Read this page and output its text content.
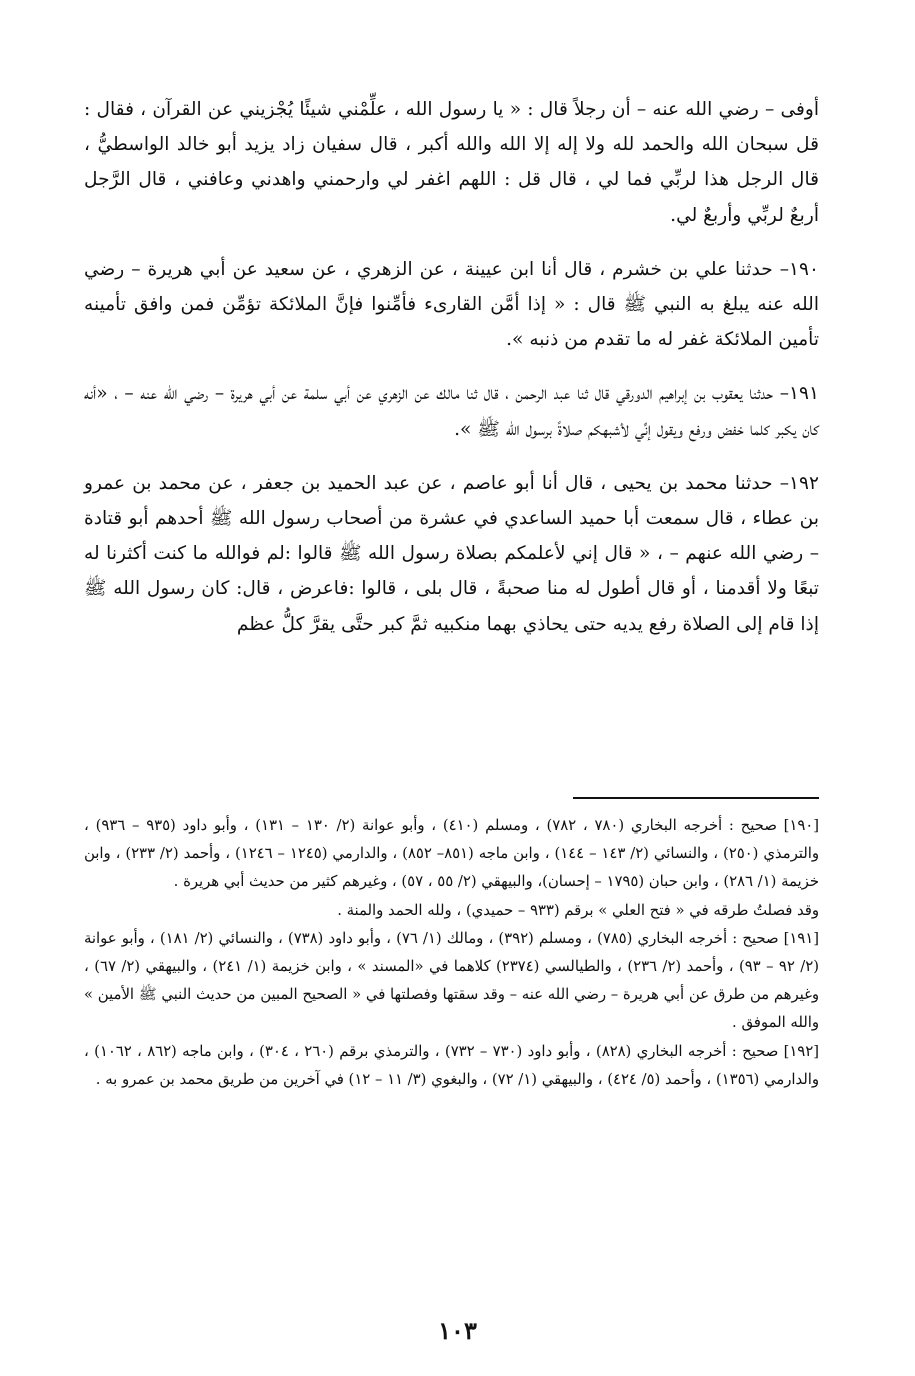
أوفى – رضي الله عنه – أن رجلاً قال : « يا رسول الله ، علِّمْني شيئًا يُجْزيني عن القرآن ، فقال : قل سبحان الله والحمد لله ولا إله إلا الله والله أكبر ، قال سفيان زاد يزيد أبو خالد الواسطيُّ ، قال الرجل هذا لربِّي فما لي ، قال قل : اللهم اغفر لي وارحمني واهدني وعافني ، قال الرَّجل أربعٌ لربِّي وأربعٌ لي.

١٩٠– حدثنا علي بن خشرم ، قال أنا ابن عيينة ، عن الزهري ، عن سعيد عن أبي هريرة – رضي الله عنه يبلغ به النبي ﷺ قال : « إذا أمَّن القارىء فأمِّنوا فإنَّ الملائكة تؤمِّن فمن وافق تأمينه تأمين الملائكة غفر له ما تقدم من ذنبه ».

١٩١– حدثنا يعقوب بن إبراهيم الدورقي قال ثنا عبد الرحمن ، قال ثنا مالك عن الزهري عن أبي سلمة عن أبي هريرة – رضي الله عنه – ، «أنه كان يكبر كلما خفض ورفع ويقول إنِّي لأشبهكم صلاةً برسول الله ﷺ ».

١٩٢– حدثنا محمد بن يحيى ، قال أنا أبو عاصم ، عن عبد الحميد بن جعفر ، عن محمد بن عمرو بن عطاء ، قال سمعت أبا حميد الساعدي في عشرة من أصحاب رسول الله ﷺ أحدهم أبو قتادة – رضي الله عنهم – ، « قال إني لأعلمكم بصلاة رسول الله ﷺ قالوا :لم فوالله ما كنت أكثرنا له تبعًا ولا أقدمنا ، أو قال أطول له منا صحبةً ، قال بلى ، قالوا :فاعرض ، قال: كان رسول الله ﷺ إذا قام إلى الصلاة رفع يديه حتى يحاذي بهما منكبيه ثمَّ كبر حتَّى يقرَّ كلُّ عظم

[١٩٠] صحيح : أخرجه البخاري (٧٨٠ ، ٧٨٢) ، ومسلم (٤١٠) ، وأبو عوانة (٢/ ١٣٠ – ١٣١) ، وأبو داود (٩٣٥ – ٩٣٦) ، والترمذي (٢٥٠) ، والنسائي (٢/ ١٤٣ – ١٤٤) ، وابن ماجه (٨٥١– ٨٥٢) ، والدارمي (١٢٤٥ – ١٢٤٦) ، وأحمد (٢/ ٢٣٣) ، وابن خزيمة (١/ ٢٨٦) ، وابن حبان (١٧٩٥ – إحسان)، والبيهقي (٢/ ٥٥ ، ٥٧) ، وغيرهم كثير من حديث أبي هريرة .

وقد فصلتُ طرقه في « فتح العلي » برقم (٩٣٣ – حميدي) ، ولله الحمد والمنة .

[١٩١] صحيح : أخرجه البخاري (٧٨٥) ، ومسلم (٣٩٢) ، ومالك (١/ ٧٦) ، وأبو داود (٧٣٨) ، والنسائي (٢/ ١٨١) ، وأبو عوانة (٢/ ٩٢ – ٩٣) ، وأحمد (٢/ ٢٣٦) ، والطيالسي (٢٣٧٤) كلاهما في «المسند » ، وابن خزيمة (١/ ٢٤١) ، والبيهقي (٢/ ٦٧) ، وغيرهم من طرق عن أبي هريرة – رضي الله عنه – وقد سقتها وفصلتها في « الصحيح المبين من حديث النبي ﷺ الأمين » والله الموفق .

[١٩٢] صحيح : أخرجه البخاري (٨٢٨) ، وأبو داود (٧٣٠ – ٧٣٢) ، والترمذي برقم (٢٦٠ ، ٣٠٤) ، وابن ماجه (٨٦٢ ، ١٠٦٢) ، والدارمي (١٣٥٦) ، وأحمد (٥/ ٤٢٤) ، والبيهقي (١/ ٧٢) ، والبغوي (٣/ ١١ – ١٢) في آخرين من طريق محمد بن عمرو به .

١٠٣
